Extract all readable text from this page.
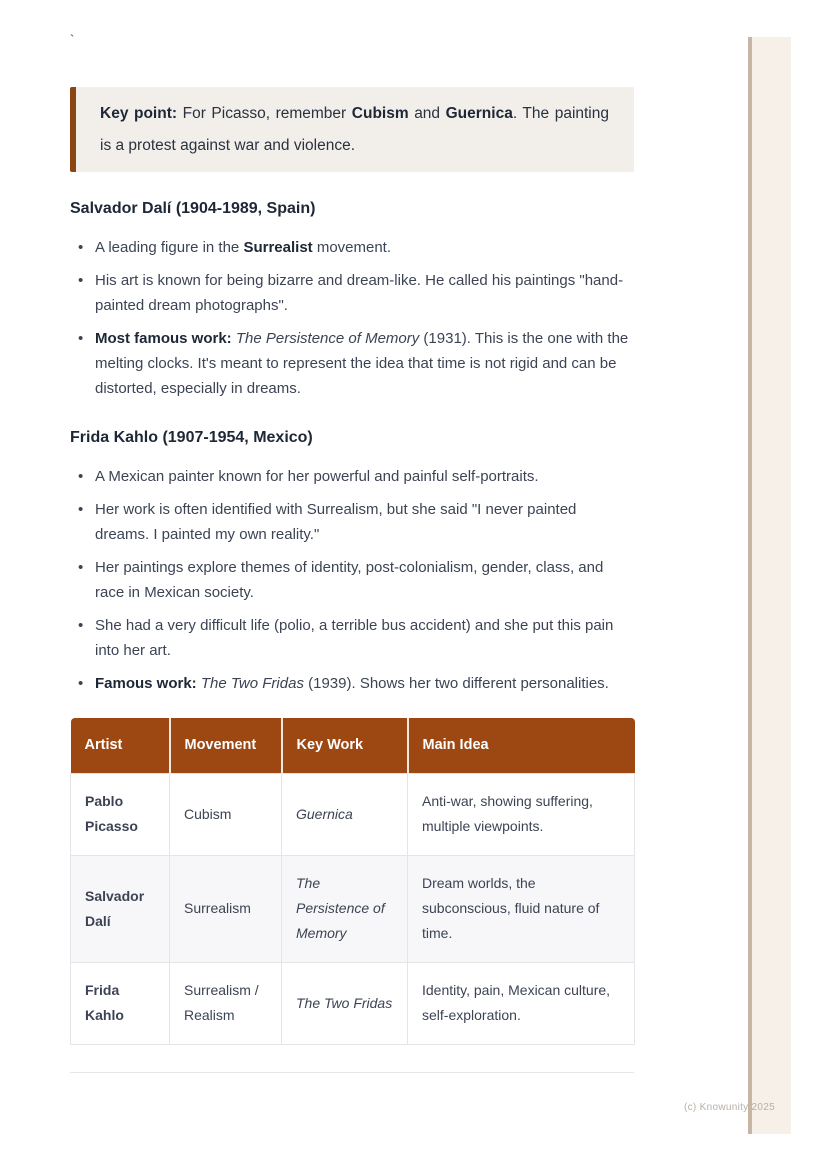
`
Key point: For Picasso, remember Cubism and Guernica. The painting is a protest against war and violence.
Salvador Dalí (1904-1989, Spain)
• A leading figure in the Surrealist movement.
• His art is known for being bizarre and dream-like. He called his paintings "hand-painted dream photographs".
• Most famous work: The Persistence of Memory (1931). This is the one with the melting clocks. It's meant to represent the idea that time is not rigid and can be distorted, especially in dreams.
Frida Kahlo (1907-1954, Mexico)
• A Mexican painter known for her powerful and painful self-portraits.
• Her work is often identified with Surrealism, but she said "I never painted dreams. I painted my own reality."
• Her paintings explore themes of identity, post-colonialism, gender, class, and race in Mexican society.
• She had a very difficult life (polio, a terrible bus accident) and she put this pain into her art.
• Famous work: The Two Fridas (1939). Shows her two different personalities.
Artist	Movement	Key Work	Main Idea
Pablo Picasso	Cubism	Guernica	Anti-war, showing suffering, multiple viewpoints.
Salvador Dalí	Surrealism	The Persistence of Memory	Dream worlds, the subconscious, fluid nature of time.
Frida Kahlo	Surrealism / Realism	The Two Fridas	Identity, pain, Mexican culture, self-exploration.
(c) Knowunity 2025
